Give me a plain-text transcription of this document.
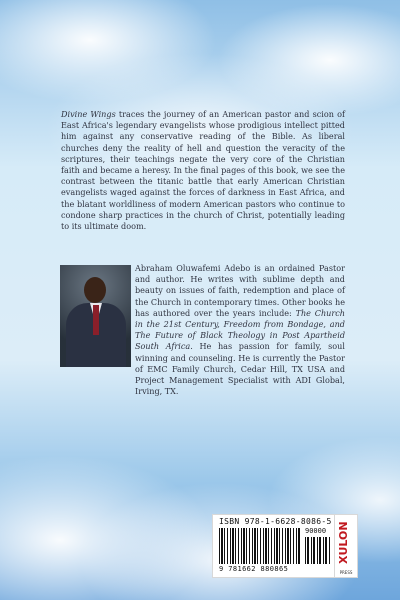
Divine Wings traces the journey of an American pastor and scion of East Africa's legendary evangelists whose prodigious intellect pitted him against any conservative reading of the Bible. As liberal churches deny the reality of hell and question the veracity of the scriptures, their teachings negate the very core of the Christian faith and became a heresy. In the final pages of this book, we see the contrast between the titanic battle that early American Christian evangelists waged against the forces of darkness in East Africa, and the blatant worldliness of modern American pastors who continue to condone sharp practices in the church of Christ, potentially leading to its ultimate doom.

Abraham Oluwafemi Adebo is an ordained Pastor and author. He writes with sublime depth and beauty on issues of faith, redemption and place of the Church in contemporary times. Other books he has authored over the years include: The Church in the 21st Century, Freedom from Bondage, and The Future of Black Theology in Post Apartheid South Africa. He has passion for family, soul winning and counseling. He is currently the Pastor of EMC Family Church, Cedar Hill, TX USA and Project Management Specialist with ADI Global, Irving, TX.

ISBN 978-1-6628-8086-5
90000
9 781662 880865
XULON
PRESS
